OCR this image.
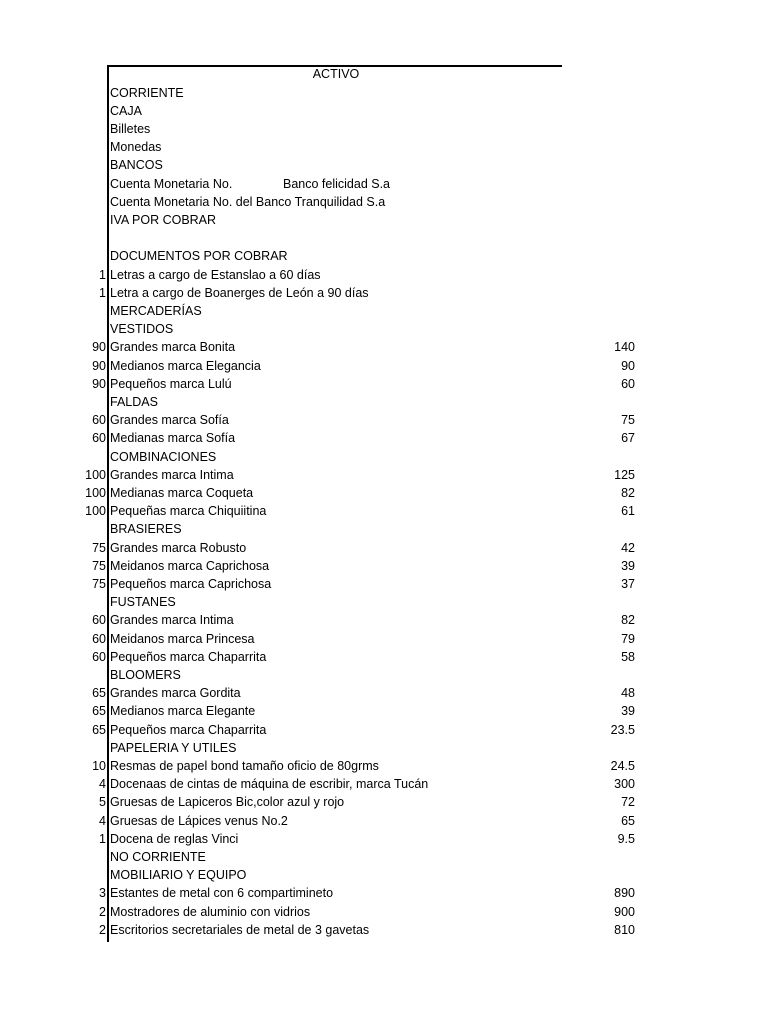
ACTIVO
CORRIENTE
CAJA
Billetes
Monedas
BANCOS
Cuenta Monetaria No.	Banco felicidad S.a
Cuenta Monetaria No. del Banco Tranquilidad S.a
IVA POR COBRAR
DOCUMENTOS POR COBRAR
1 Letras a cargo de Estanslao a 60 días
1 Letra a cargo de Boanerges de León a 90 días
MERCADERÍAS
VESTIDOS
90 Grandes marca Bonita	140
90 Medianos marca Elegancia	90
90 Pequeños marca Lulú	60
FALDAS
60 Grandes marca Sofía	75
60 Medianas marca Sofía	67
COMBINACIONES
100 Grandes marca Intima	125
100 Medianas marca Coqueta	82
100 Pequeñas marca Chiquiitina	61
BRASIERES
75 Grandes marca Robusto	42
75 Meidanos marca Caprichosa	39
75 Pequeños marca Caprichosa	37
FUSTANES
60 Grandes marca Intima	82
60 Meidanos marca Princesa	79
60 Pequeños marca Chaparrita	58
BLOOMERS
65 Grandes marca Gordita	48
65 Medianos marca Elegante	39
65 Pequeños marca Chaparrita	23.5
PAPELERIA Y UTILES
10 Resmas de papel bond tamaño oficio de 80grms	24.5
4 Docenaas de cintas de máquina de escribir, marca Tucán	300
5 Gruesas de Lapiceros Bic,color azul y rojo	72
4 Gruesas de Lápices venus No.2	65
1 Docena de reglas Vinci	9.5
NO CORRIENTE
MOBILIARIO Y EQUIPO
3 Estantes de metal con 6 compartimineto	890
2 Mostradores de aluminio con vidrios	900
2 Escritorios secretariales de metal de 3 gavetas	810
